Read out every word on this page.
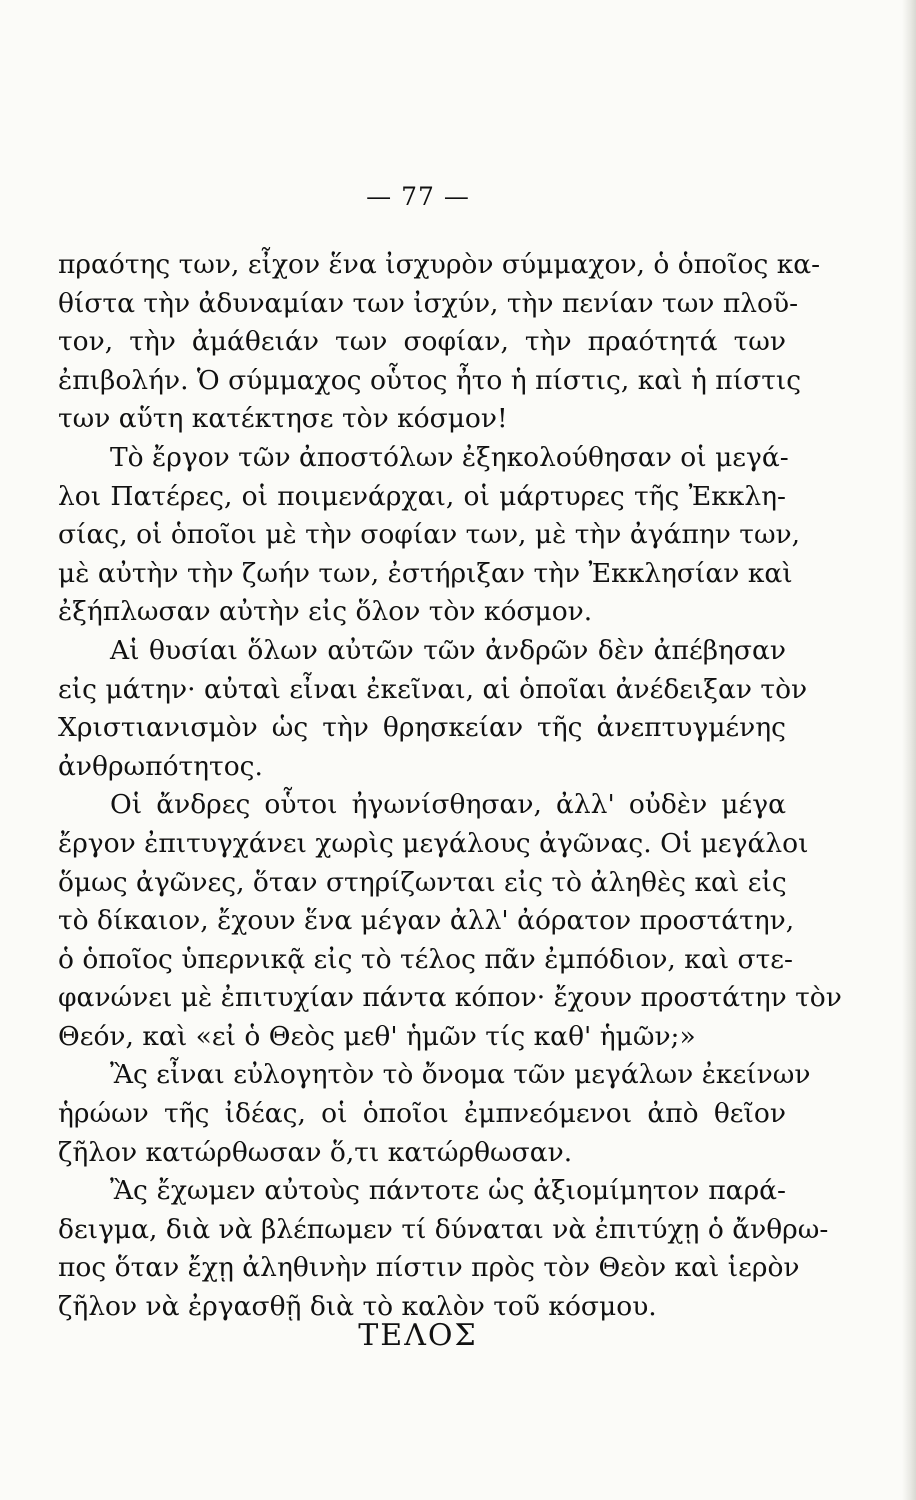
— 77 —
πραότης των, εἶχον ἕνα ἰσχυρὸν σύμμαχον, ὁ ὁποῖος κα-
θίστα τὴν ἀδυναμίαν των ἰσχύν, τὴν πενίαν των πλοῦ-
τον, τὴν ἀμάθειάν των σοφίαν, τὴν πραότητά των
ἐπιβολήν. Ὁ σύμμαχος οὗτος ἦτο ἡ πίστις, καὶ ἡ πίστις
των αὕτη κατέκτησε τὸν κόσμον!
Τὸ ἔργον τῶν ἀποστόλων ἐξηκολούθησαν οἱ μεγά-
λοι Πατέρες, οἱ ποιμενάρχαι, οἱ μάρτυρες τῆς Ἐκκλη-
σίας, οἱ ὁποῖοι μὲ τὴν σοφίαν των, μὲ τὴν ἀγάπην των,
μὲ αὐτὴν τὴν ζωήν των, ἐστήριξαν τὴν Ἐκκλησίαν καὶ
ἐξήπλωσαν αὐτὴν εἰς ὅλον τὸν κόσμον.
Αἱ θυσίαι ὅλων αὐτῶν τῶν ἀνδρῶν δὲν ἀπέβησαν
εἰς μάτην· αὐταὶ εἶναι ἐκεῖναι, αἱ ὁποῖαι ἀνέδειξαν τὸν
Χριστιανισμὸν ὡς τὴν θρησκείαν τῆς ἀνεπτυγμένης
ἀνθρωπότητος.
Οἱ ἄνδρες οὗτοι ἠγωνίσθησαν, ἀλλ' οὐδὲν μέγα
ἔργον ἐπιτυγχάνει χωρὶς μεγάλους ἀγῶνας. Οἱ μεγάλοι
ὅμως ἀγῶνες, ὅταν στηρίζωνται εἰς τὸ ἀληθὲς καὶ εἰς
τὸ δίκαιον, ἔχουν ἕνα μέγαν ἀλλ' ἀόρατον προστάτην,
ὁ ὁποῖος ὑπερνικᾷ εἰς τὸ τέλος πᾶν ἐμπόδιον, καὶ στε-
φανώνει μὲ ἐπιτυχίαν πάντα κόπον· ἔχουν προστάτην τὸν
Θεόν, καὶ «εἰ ὁ Θεὸς μεθ' ἡμῶν τίς καθ' ἡμῶν;»
Ἂς εἶναι εὐλογητὸν τὸ ὄνομα τῶν μεγάλων ἐκείνων
ἡρώων τῆς ἰδέας, οἱ ὁποῖοι ἐμπνεόμενοι ἀπὸ θεῖον
ζῆλον κατώρθωσαν ὅ,τι κατώρθωσαν.
Ἂς ἔχωμεν αὐτοὺς πάντοτε ὡς ἀξιομίμητον παρά-
δειγμα, διὰ νὰ βλέπωμεν τί δύναται νὰ ἐπιτύχῃ ὁ ἄνθρω-
πος ὅταν ἔχῃ ἀληθινὴν πίστιν πρὸς τὸν Θεὸν καὶ ἱερὸν
ζῆλον νὰ ἐργασθῇ διὰ τὸ καλὸν τοῦ κόσμου.
ΤΕΛΟΣ
